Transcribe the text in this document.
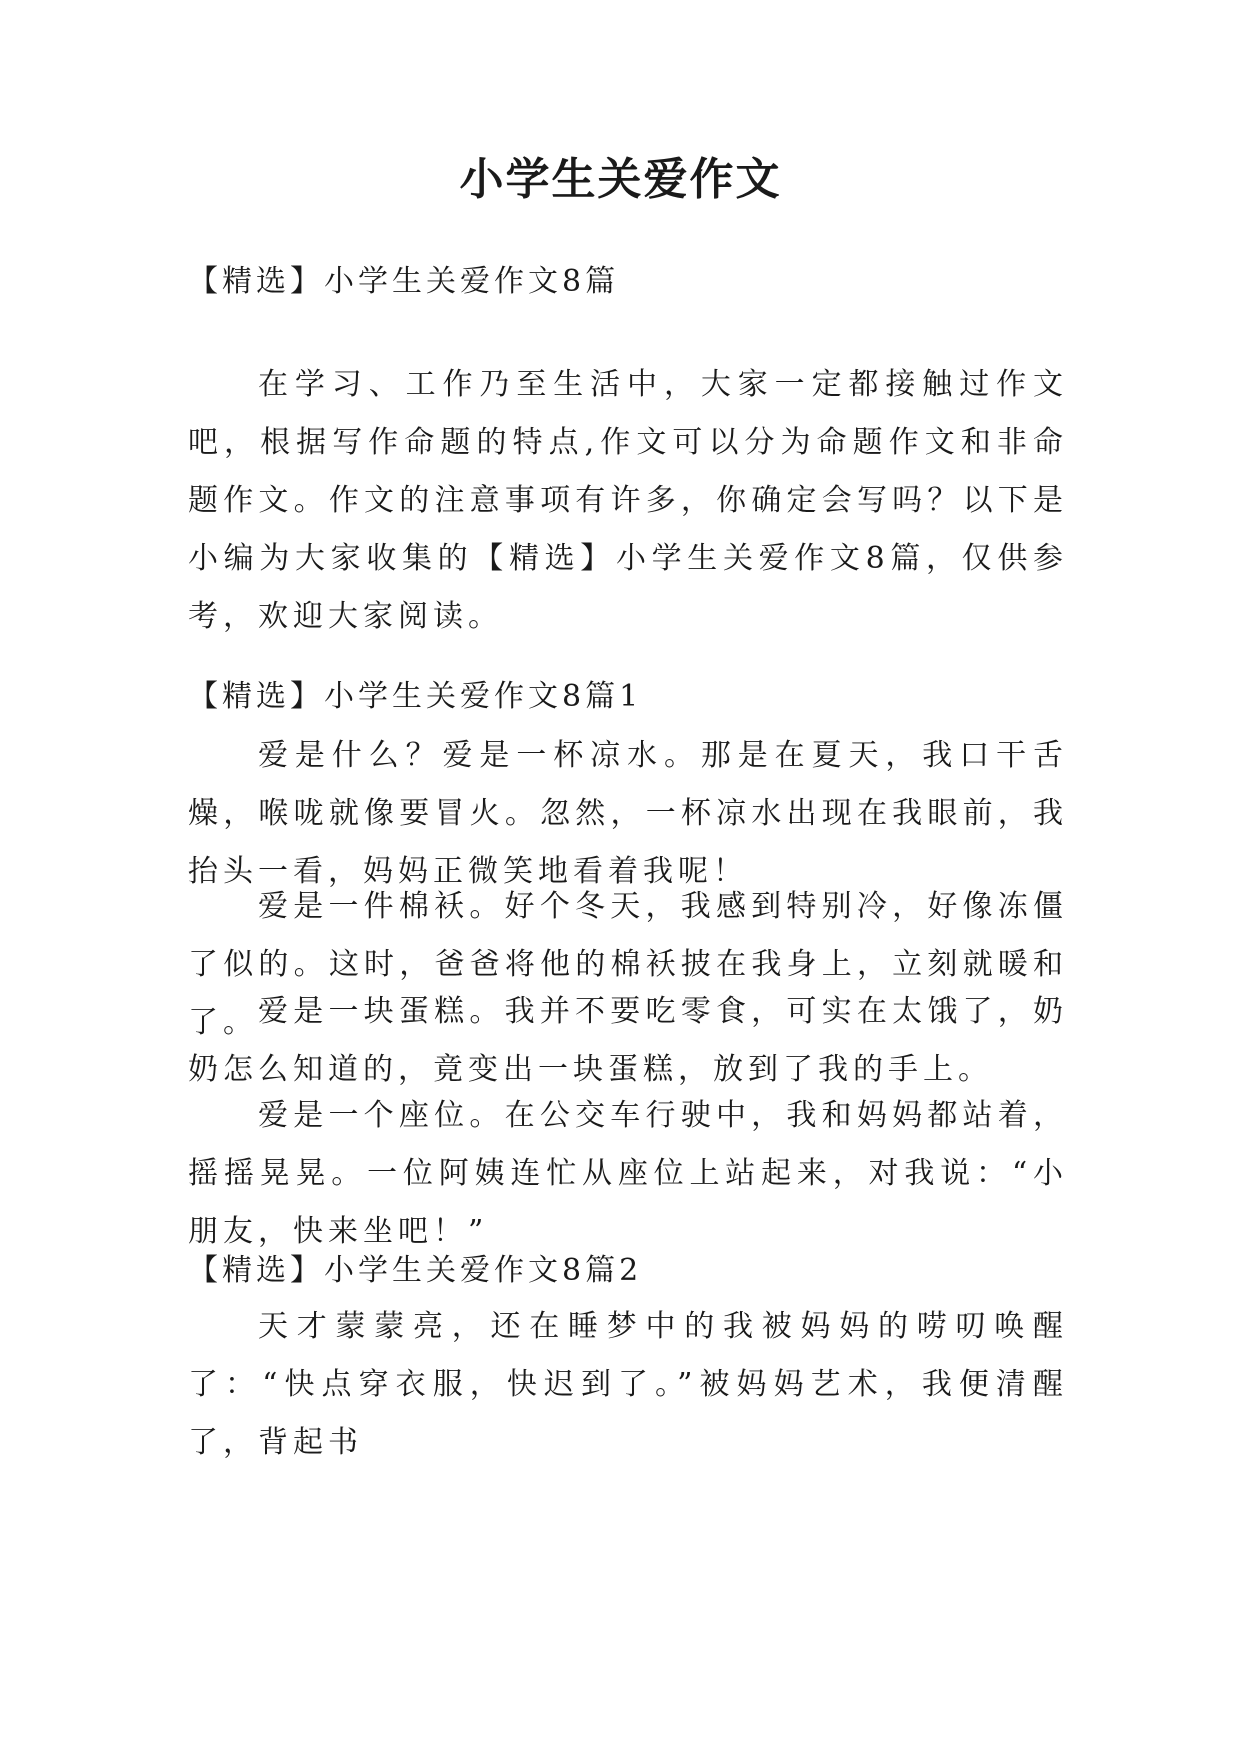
小学生关爱作文
【精选】小学生关爱作文8篇

在学习、工作乃至生活中，大家一定都接触过作文吧，根据写作命题的特点,作文可以分为命题作文和非命题作文。作文的注意事项有许多，你确定会写吗？以下是小编为大家收集的【精选】小学生关爱作文8篇，仅供参考，欢迎大家阅读。

【精选】小学生关爱作文8篇1

爱是什么？爱是一杯凉水。那是在夏天，我口干舌燥，喉咙就像要冒火。忽然，一杯凉水出现在我眼前，我抬头一看，妈妈正微笑地看着我呢！

爱是一件棉袄。好个冬天，我感到特别冷，好像冻僵了似的。这时，爸爸将他的棉袄披在我身上，立刻就暖和了。 爱是一块蛋糕。我并不要吃零食，可实在太饿了，奶奶怎么知道的，竟变出一块蛋糕，放到了我的手上。

爱是一个座位。在公交车行驶中，我和妈妈都站着，摇摇晃晃。一位阿姨连忙从座位上站起来，对我说：“小朋友，快来坐吧！”

【精选】小学生关爱作文8篇2

天才蒙蒙亮，还在睡梦中的我被妈妈的唠叨唤醒了：“快点穿衣服，快迟到了。”被妈妈艺术，我便清醒了，背起书
